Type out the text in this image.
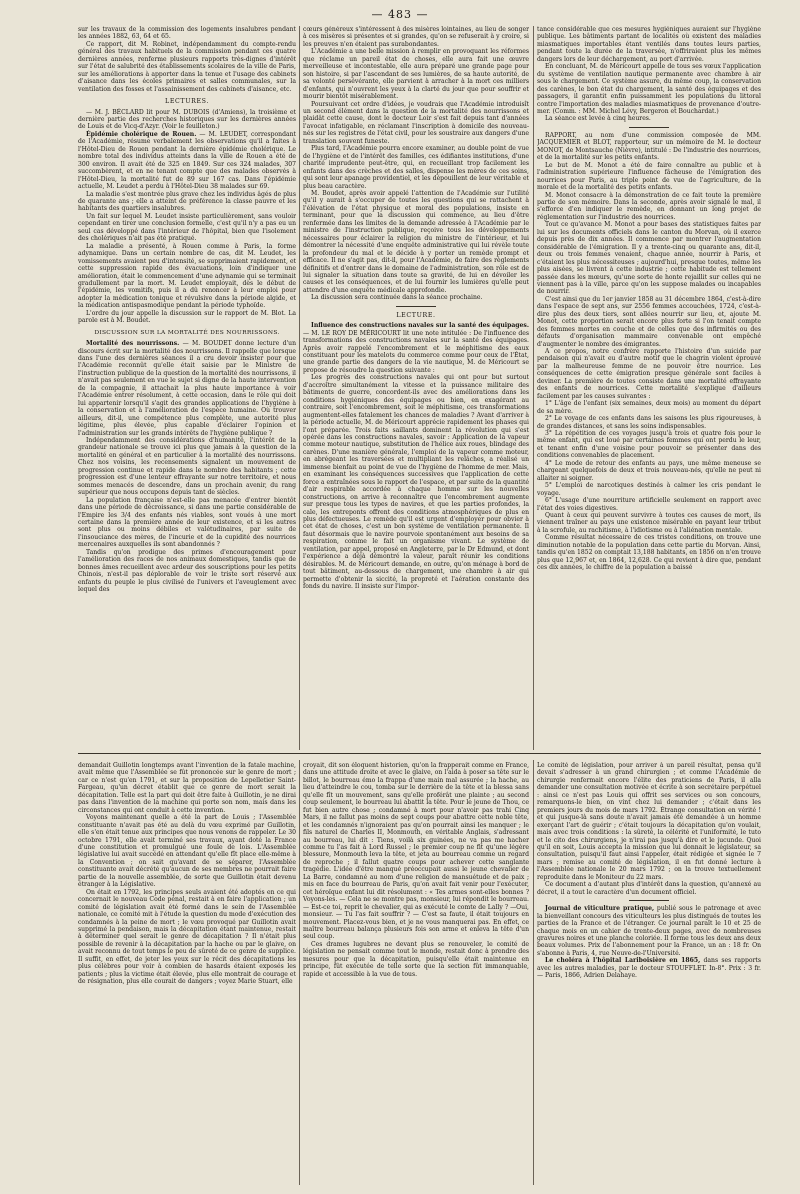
— 483 —

sur les travaux de la commission des logements insalubres pendant les années 1882, 63, 64 et 65.

Ce rapport, dit M. Robinet, indépendamment du compte-rendu général des travaux habituels de la commission pendant ces quatre dernières années, renferme plusieurs rapports très-dignes d'intérêt sur l'état de salubrité des établissements scolaires de la ville de Paris, sur les améliorations à apporter dans la tenue et l'usage des cabinets d'aisance dans les écoles primaires et salles communales, sur la ventilation des fosses et l'assainissement des cabinets d'aisance, etc.

LECTURES.

— M. J. BÉCLARD lit pour M. DUBOIS (d'Amiens), la troisième et dernière partie des recherches historiques sur les dernières années de Louis et de Vicq-d'Azyr. (Voir le feuilleton.)

Épidémie cholérique de Rouen. — M. LEUDET, correspondant de l'Académie, résume verbalement les observations qu'il a faites à l'Hôtel-Dieu de Rouen pendant la dernière épidémie cholérique. Le nombre total des individus atteints dans la ville de Rouen a été de 300 environ. Il avait été de 325 en 1849. Sur ces 324 malades, 307 succombèrent, et en ne tenant compte que des malades observés à l'Hôtel-Dieu, la mortalité fut de 89 sur 167 cas. Dans l'épidémie actuelle, M. Leudet a perdu à l'Hôtel-Dieu 38 malades sur 69.

La maladie s'est montrée plus grave chez les individus âgés de plus de quarante ans ; elle a atteint de préférence la classe pauvre et les habitants des quartiers insalubres.

Un fait sur lequel M. Leudet insiste particulièrement, sans vouloir cependant en tirer une conclusion formelle, c'est qu'il n'y a pas eu un seul cas développé dans l'intérieur de l'hôpital, bien que l'isolement des cholériques n'ait pas été pratiqué.

La maladie a présenté, à Rouen comme à Paris, la forme adynamique. Dans un certain nombre de cas, dit M. Leudet, les vomissements avaient peu d'intensité, se supprimaient rapidement, et cette suppression rapide des évacuations, loin d'indiquer une amélioration, était le commencement d'une adynamie qui se terminait gradullement par la mort. M. Leudet employait, dès le début de l'épidémie, les vomitifs, puis il a dû renoncer à leur emploi pour adopter la médication tonique et révulsive dans la période algide, et la médication antispasmodique pendant la période typhoïde.

L'ordre du jour appelle la discussion sur le rapport de M. Blot. La parole est à M. Boudet.

DISCUSSION SUR LA MORTALITÉ DES NOURRISSONS.

Mortalité des nourrissons. — M. BOUDET donne lecture d'un discours écrit sur la mortalité des nourrissons. Il rappelle que lorsque dans l'une des dernières séances il a cru devoir insister pour que l'Académie reconnût qu'elle était saisie par le Ministre de l'instruction publique de la question de la mortalité des nourrissons, il n'avait pas seulement en vue le sujet si digne de la haute intervention de la compagnie, il attachait la plus haute importance à voir l'Académie entrer résolument, à cette occasion, dans le rôle qui doit lui appartenir lorsqu'il s'agit des grandes applications de l'hygiène à la conservation et à l'amélioration de l'espèce humaine. Où trouver ailleurs, dit-il, une compétence plus complète, une autorité plus légitime, plus élevée, plus capable d'éclairer l'opinion et l'administration sur les grands intérêts de l'hygiène publique ?

Indépendamment des considérations d'humanité, l'intérêt de la grandeur nationale se trouve ici plus que jamais à la question de la mortalité en général et en particulier à la mortalité des nourrissons. Chez nos voisins, les recensements signalent un mouvement de progression continue et rapide dans le nombre des habitants ; cette progression est d'une lenteur effrayante sur notre territoire, et nous sommes menacés de descendre, dans un prochain avenir, du rang supérieur que nous occupons depuis tant de siècles.

La population française n'est-elle pas menacée d'entrer bientôt dans une période de décroissance, si dans une partie considérable de l'Empire les 3/4 des enfants nés viables, sont voués à une mort certaine dans la première année de leur existence, et si les autres sont plus ou moins débiles et valétudinaires, par suite de l'insouciance des mères, de l'incurie et de la cupidité des nourrices mercenaires auxquelles ils sont abandonnés ?

Tandis qu'on prodigue des primes d'encouragement pour l'amélioration des races de nos animaux domestiques, tandis que de bonnes âmes recueillent avec ardeur des souscriptions pour les petits Chinois, n'est-il pas déplorable de voir le triste sort réservé aux enfants du peuple le plus civilisé de l'univers et l'aveuglement avec lequel des

cœurs généreux s'intéressent à des misères lointaines, au lieu de songer à ces misères si présentes et si grandes, qu'on se refuserait à y croire, si les preuves n'en étaient pas surabondantes.

L'Académie a une belle mission à remplir en provoquant les réformes que réclame un pareil état de choses, elle aura fait une œuvre merveilleuse et incontestable, elle aura préparé une grande page pour son histoire, si par l'ascendant de ses lumières, de sa haute autorité, de sa volonté persévérante, elle parvient à arracher à la mort ces milliers d'enfants, qui n'ouvrent les yeux à la clarté du jour que pour souffrir et mourir bientôt misérablement.

Poursuivant cet ordre d'idées, je voudrais que l'Académie introduisît un second élément dans la question de la mortalité des nourrissons et plaidât cette cause, dont le docteur Loir s'est fait depuis tant d'années l'avocat infatigable, en réclamant l'inscription à domicile des nouveau-nés sur les registres de l'état civil, pour les soustraire aux dangers d'une translation souvent funeste.

Plus tard, l'Académie pourra encore examiner, au double point de vue de l'hygiène et de l'intérêt des familles, ces édifiantes institutions, d'une charité imprudente peut-être, qui, en recueillant trop facilement les enfants dans des crèches et des salles, dispense les mères de ces soins, qui sont leur apanage providentiel, et les dépouillent de leur véritable et plus beau caractère.

M. Boudet, après avoir appelé l'attention de l'Académie sur l'utilité qu'il y aurait à s'occuper de toutes les questions qui se rattachent à l'élévation de l'état physique et moral des populations, insiste en terminant, pour que la discussion qui commence, au lieu d'être renfermée dans les limites de la demande adressée à l'Académie par le ministre de l'instruction publique, reçoive tous les développements nécessaires pour éclairer la religion du ministre de l'intérieur, et lui démontrer la nécessité d'une enquête administrative qui lui révèle toute la profondeur du mal et le décide à y porter un remède prompt et efficace. Il ne s'agit pas, dit-il, pour l'Académie, de faire des règlements définitifs et d'entrer dans le domaine de l'administration, son rôle est de lui signaler la situation dans toute sa gravité, de lui en dévoiler les causes et les conséquences, et de lui fournir les lumières qu'elle peut attendre d'une enquête médicale approfondie.

La discussion sera continuée dans la séance prochaine.

LECTURE.

Influence des constructions navales sur la santé des équipages. — M. LE ROY DE MÉRICOURT lit une note intitulée : De l'influence des transformations des constructions navales sur la santé des équipages. Après avoir rappelé l'encombrement et le méphitisme des eaux constituant pour les matelots du commerce comme pour ceux de l'État, une grande partie des dangers de la vie nautique, M. de Méricourt se propose de résoudre la question suivante :

Les progrès des constructions navales qui ont pour but surtout d'accroître simultanément la vitesse et la puissance militaire des bâtiments de guerre, concordent-ils avec des améliorations dans les conditions hygiéniques des équipages ou bien, en exagérant au contraire, soit l'encombrement, soit le méphitisme, ces transformations augmentent-elles fatalement les chances de maladies ? Avant d'arriver à la période actuelle, M. de Méricourt apprécie rapidement les phases qui l'ont préparée. Trois faits saillants dominent la révolution qui s'est opérée dans les constructions navales, savoir : Application de la vapeur comme moteur nautique, substitution de l'hélice aux roues, blindage des carènes. D'une manière générale, l'emploi de la vapeur comme moteur, en abrégeant les traversées et multipliant les relâches, a réalisé un immense bienfait au point de vue de l'hygiène de l'homme de mer. Mais, en examinant les conséquences successives que l'application de cette force a entraînées sous le rapport de l'espace, et par suite de la quantité d'air respirable accordée à chaque homme sur les nouvelles constructions, on arrive à reconnaître que l'encombrement augmente sur presque tous les types de navires, et que les parties profondes, la cale, les entreponts offrent des conditions atmosphériques de plus en plus défectueuses. Le remède qu'il est urgent d'employer pour obvier à cet état de choses, c'est un bon système de ventilation permanente. Il faut désormais que le navire pourvoie spontanément aux besoins de sa respiration, comme le fait un organisme vivant. Le système de ventilation, par appel, proposé en Angleterre, par le Dr Edmund, et dont l'expérience a déjà démontré la valeur, paraît réunir les conditions désirables. M. de Méricourt demande, en outre, qu'on ménage à bord de tout bâtiment, au-dessous de chargement, une chambre à air qui permette d'obtenir la siccité, la propreté et l'aération constante des fonds du navire. Il insiste sur l'impor-

tance considérable que ces mesures hygiéniques auraient sur l'hygiène publique. Les bâtiments partant de localités où existent des maladies miasmatiques importables étant ventilés dans toutes leurs parties, pendant toute la durée de la traversée, n'offriraient plus les mêmes dangers lors de leur déchargement, au port d'arrivée.

En concluant, M. de Méricourt appelle de tous ses vœux l'application du système de ventilation nautique permanente avec chambre à air sous le chargement. Ce système assure, du même coup, la conservation des carènes, le bon état du chargement, la santé des équipages et des passagers, il garantit enfin puissamment les populations du littoral contre l'importation des maladies miasmatiques de provenance d'outre-mer. (Comm. : MM. Michel Lévy, Bergeron et Bouchardat.)

La séance est levée à cinq heures.

RAPPORT, au nom d'une commission composée de MM. JACQUEMIER et BLOT, rapporteur, sur un mémoire de M. le docteur MONOT, de Montsauche (Nièvre), intitulé : De l'industrie des nourrices, et de la mortalité sur les petits enfants.

Le but de M. Monot a été de faire connaître au public et à l'administration supérieure l'influence fâcheuse de l'émigration des nourrices pour Paris, au triple point de vue de l'agriculture, de la morale et de la mortalité des petits enfants.

M. Monot consacre à la démonstration de ce fait toute la première partie de son mémoire. Dans la seconde, après avoir signalé le mal, il s'efforce d'en indiquer le remède, en donnant un long projet de réglementation sur l'industrie des nourrices.

Tout ce qu'avance M. Monot a pour bases des statistiques faites par lui sur les documents officiels dans le canton du Morvan, où il exerce depuis près de dix années. Il commence par montrer l'augmentation considérable de l'émigration. Il y a trente-cinq ou quarante ans, dit-il, deux ou trois femmes venaient, chaque année, nourrir à Paris, et c'étaient les plus nécessiteuses ; aujourd'hui, presque toutes, même les plus aisées, se livrent à cette industrie ; cette habitude est tellement passée dans les mœurs, qu'une sorte de honte rejaillit sur celles qui ne viennent pas à la ville, parce qu'on les suppose malades ou incapables de nourrir.

C'est ainsi que du 1er janvier 1858 au 31 décembre 1864, c'est-à-dire dans l'espace de sept ans, sur 2556 femmes accouchées, 1724, c'est-à-dire plus des deux tiers, sont allées nourrir sur lieu, et, ajoute M. Monot, cette proportion serait encore plus forte si l'on tenait compte des femmes mortes en couche et de celles que des infirmités ou des défauts d'organisation mammaire convenable ont empêché d'augmenter le nombre des émigrantes.

A ce propos, notre confrère rapporte l'histoire d'un suicide par pendaison qui n'avait eu d'autre motif que le chagrin violent éprouvé par la malheureuse femme de ne pouvoir être nourrice. Les conséquences de cette émigration presque générale sont faciles à deviner. La première de toutes consiste dans une mortalité effrayante des enfants de nourrices. Cette mortalité s'explique d'ailleurs facilement par les causes suivantes :

1° L'âge de l'enfant (six semaines, deux mois) au moment du départ de sa mère.

2° Le voyage de ces enfants dans les saisons les plus rigoureuses, à de grandes distances, et sans les soins indispensables.

3° La répétition de ces voyages jusqu'à trois et quatre fois pour le même enfant, qui est loué par certaines femmes qui ont perdu le leur, et tenant enfin d'une voisine pour pouvoir se présenter dans des conditions convenables de placement.

4° Le mode de retour des enfants au pays, une même meneuse se chargeant quelquefois de deux et trois nouveau-nés, qu'elle ne peut ni allaiter ni soigner.

5° L'emploi de narcotiques destinés à calmer les cris pendant le voyage.

6° L'usage d'une nourriture artificielle seulement en rapport avec l'état des voies digestives.

Quant à ceux qui peuvent survivre à toutes ces causes de mort, ils viennent traîner au pays une existence misérable en payant leur tribut à la scrofule, au rachitisme, à l'idiotisme ou à l'aliénation mentale.

Comme résultat nécessaire de ces tristes conditions, on trouve une diminution notable de la population dans cette partie du Morvan. Ainsi, tandis qu'en 1852 on comptait 13,188 habitants, en 1856 on n'en trouve plus que 12,967 et, en 1864, 12,628. Ce qui revient à dire que, pendant ces dix années, le chiffre de la population a baissé

demandait Guillotin longtemps avant l'invention de la fatale machine, avait même que l'Assemblée se fût prononcée sur le genre de mort ; car ce n'est qu'en 1791, et sur la proposition de Lepelletier Saint-Fargeau, qu'un décret établit que ce genre de mort serait la décapitation. Telle est la part qui doit être faite à Guillotin, je ne dirai pas dans l'invention de la machine qui porte son nom, mais dans les circonstances qui ont conduit à cette invention.

Voyons maintenant quelle a été la part de Louis ; l'Assemblée constituante n'avait pas été au delà du vœu exprimé par Guillotin, elle s'en était tenue aux principes que nous venons de rappeler. Le 30 octobre 1791, elle avait terminé ses travaux, ayant doté la France d'une constitution et promulgué une foule de lois. L'Assemblée législative lui avait succédé en attendant qu'elle fît place elle-même à la Convention ; on sait qu'avant de se séparer, l'Assemblée constituante avait décrété qu'aucun de ses membres ne pourrait faire partie de la nouvelle assemblée, de sorte que Guillotin était devenu étranger à la Législative.

On était en 1792, les principes seuls avaient été adoptés en ce qui concernait le nouveau Code pénal, restait à en faire l'application ; un comité de législation avait été formé dans le sein de l'Assemblée nationale, ce comité mit à l'étude la question du mode d'exécution des condamnés à la peine de mort ; le vœu provoqué par Guillotin avait supprimé la pendaison, mais la décapitation étant maintenue, restait à déterminer quel serait le genre de décapitation ? Il n'était plus possible de revenir à la décapitation par la hache ou par le glaive, on avait reconnu de tout temps le peu de sûreté de ce genre de supplice. Il suffit, en effet, de jeter les yeux sur le récit des décapitations les plus célèbres pour voir à combien de hasards étaient exposés les patients ; plus la victime était élevée, plus elle montrait de courage et de résignation, plus elle courait de dangers ; voyez Marie Stuart, elle

croyait, dit son éloquent historien, qu'on la frapperait comme en France, dans une attitude droite et avec le glaive, on l'aida à poser sa tête sur le billot, le bourreau émo la frappa d'une main mal assurée ; la hache, au lieu d'atteindre le cou, tomba sur le derrière de la tête et la blessa sans qu'elle fît un mouvement, sans qu'elle proférât une plainte ; au second coup seulement, le bourreau lui abattit la tête. Pour le jeune de Thou, ce fut bien autre chose ; condamné à mort pour n'avoir pas trahi Cinq Mars, il ne fallut pas moins de sept coups pour abattre cette noble tête, et les condamnés n'ignoraient pas qu'on pourrait ainsi les manquer ; le fils naturel de Charles II, Monmouth, en véritable Anglais, s'adressant au bourreau, lui dit : Tiens, voilà six guinées, ne va pas me hacher comme tu l'as fait à Lord Russel ; le premier coup ne fit qu'une légère blessure, Monmouth leva la tête, et jeta au bourreau comme un regard de reproche ; il fallut quatre coups pour achever cette sanglante tragédie. L'idée d'être manqué préoccupait aussi le jeune chevalier de La Barre, condamné au nom d'une religion de mansuétude et de paix ; mis en face du bourreau de Paris, qu'on avait fait venir pour l'exécuter, cet héroïque enfant lui dit résolument : « Tes armes sont-elles bonnes ? Voyons-les. — Cela ne se montre pas, monsieur, lui répondit le bourreau. — Est-ce toi, reprit le chevalier, qui as exécuté le comte de Lally ? —Oui, monsieur. — Tu l'as fait souffrir ? — C'est sa faute, il était toujours en mouvement. Placez-vous bien, et je ne vous manquerai pas. En effet, ce maître bourreau balança plusieurs fois son arme et enleva la tête d'un seul coup.

Ces drames lugubres ne devant plus se renouveler, le comité de législation ne pensait comme tout le monde, restait donc à prendre des mesures pour que la décapitation, puisqu'elle était maintenue en principe, fût exécutée de telle sorte que la section fût immanquable, rapide et accessible à la vue de tous.

Le comité de législation, pour arriver à un pareil résultat, pensa qu'il devait s'adresser à un grand chirurgien ; et comme l'Académie de chirurgie renfermait encore l'élite des praticiens de Paris, il alla demander une consultation motivée et écrite à son secrétaire perpétuel : ainsi ce n'est pas Louis qui offrit ses services ou son concours, remarquons-le bien, on vint chez lui demander ; c'était dans les premiers jours du mois de mars 1792. Étrange consultation en vérité ! et qui jusque-là sans doute n'avait jamais été demandée à un homme exerçant l'art de guérir ; c'était toujours la décapitation qu'on voulait, mais avec trois conditions : la sûreté, la célérité et l'uniformité, le tuto et le cito des chirurgiens, je n'irai pas jusqu'à dire et le jucunde. Quoi qu'il en soit, Louis accepta la mission que lui donnait le législateur, sa consultation, puisqu'il faut ainsi l'appeler, était rédigée et signée le 7 mars ; remise au comité de législation, il en fut donné lecture à l'Assemblée nationale le 20 mars 1792 ; on la trouve textuellement reproduite dans le Moniteur du 22 mars.

Ce document a d'autant plus d'intérêt dans la question, qu'annexé au décret, il a tout le caractère d'un document officiel.

Journal de viticulture pratique, publié sous le patronage et avec la bienveillant concours des viticulteurs les plus distingués de toutes les parties de la France et de l'étranger. Ce journal paraît le 10 et 25 de chaque mois en un cahier de trente-deux pages, avec de nombreuses gravures noires et une planche coloriée. Il forme tous les deux ans deux beaux volumes. Prix de l'abonnement pour la France, un an : 18 fr. On s'abonne à Paris, 4, rue Neuve-de-l'Université.

Le choléra à l'hôpital Lariboisière en 1865, dans ses rapports avec les autres maladies, par le docteur STOUFFLET. In-8°. Prix : 3 fr. — Paris, 1866, Adrien Delahaye.
